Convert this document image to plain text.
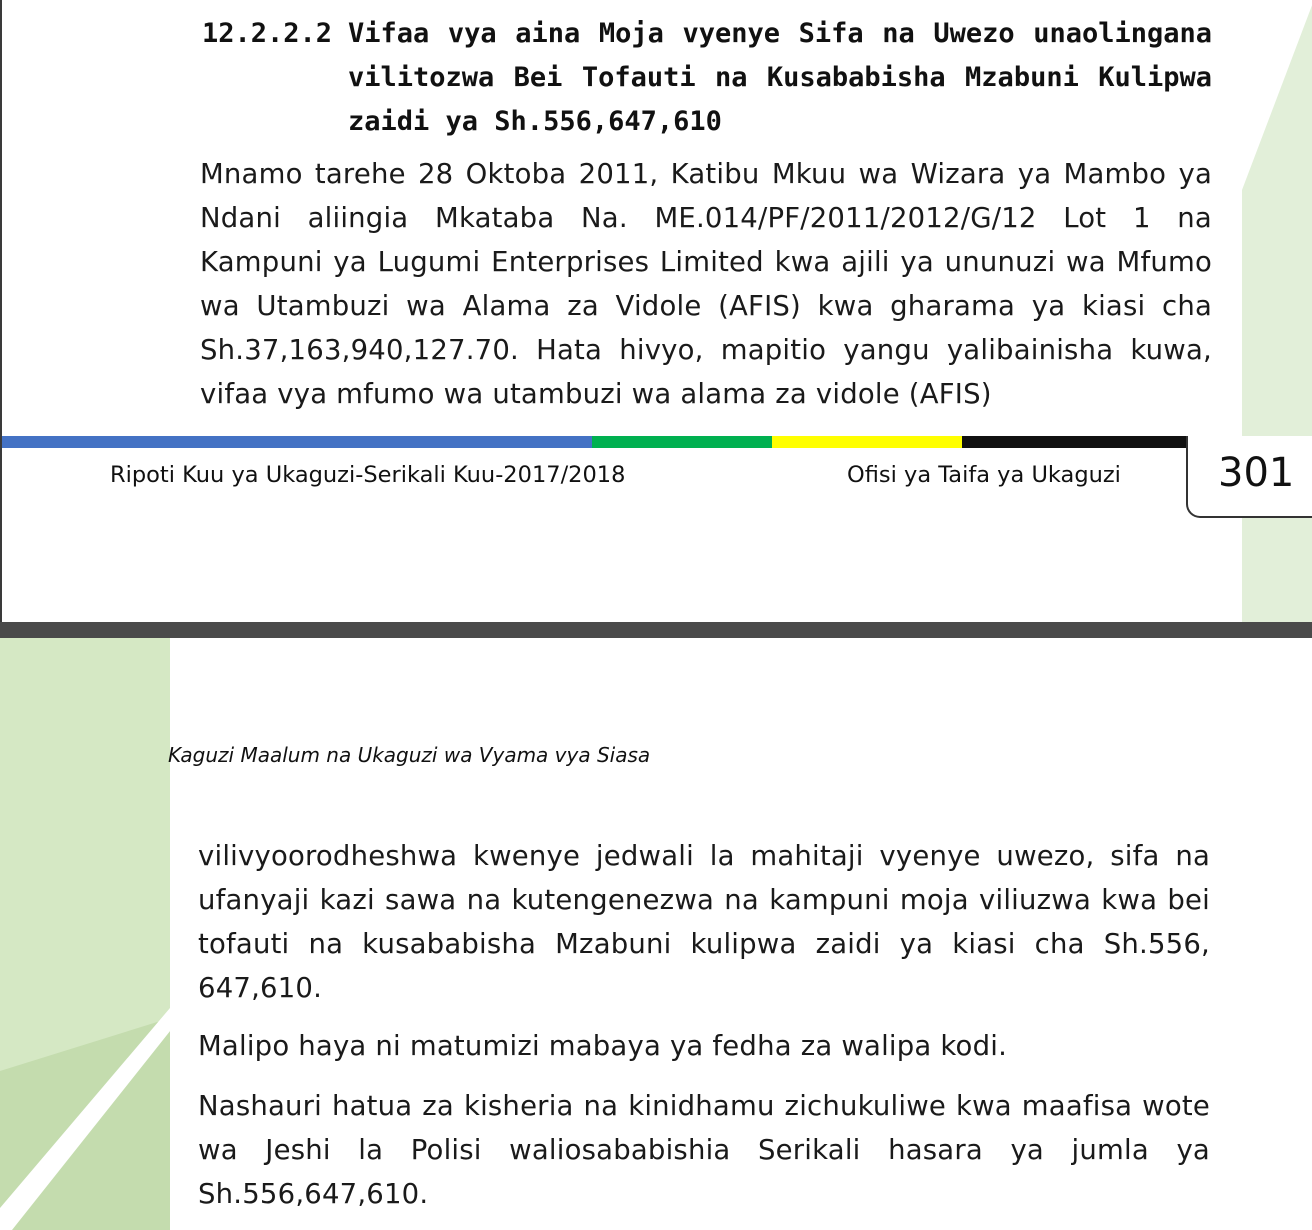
12.2.2.2 Vifaa vya aina Moja vyenye Sifa na Uwezo unaolingana vilitozwa Bei Tofauti na Kusababisha Mzabuni Kulipwa zaidi ya Sh.556,647,610
Mnamo tarehe 28 Oktoba 2011, Katibu Mkuu wa Wizara ya Mambo ya Ndani aliingia Mkataba Na. ME.014/PF/2011/2012/G/12 Lot 1 na Kampuni ya Lugumi Enterprises Limited kwa ajili ya ununuzi wa Mfumo wa Utambuzi wa Alama za Vidole (AFIS) kwa gharama ya kiasi cha Sh.37,163,940,127.70. Hata hivyo, mapitio yangu yalibainisha kuwa, vifaa vya mfumo wa utambuzi wa alama za vidole (AFIS)
Ripoti Kuu ya Ukaguzi-Serikali Kuu-2017/2018	Ofisi ya Taifa ya Ukaguzi 301
Kaguzi Maalum na Ukaguzi wa Vyama vya Siasa
vilivyoorodheshwa kwenye jedwali la mahitaji vyenye uwezo, sifa na ufanyaji kazi sawa na kutengenezwa na kampuni moja viliuzwa kwa bei tofauti na kusababisha Mzabuni kulipwa zaidi ya kiasi cha Sh.556, 647,610.
Malipo haya ni matumizi mabaya ya fedha za walipa kodi.
Nashauri hatua za kisheria na kinidhamu zichukuliwe kwa maafisa wote wa Jeshi la Polisi waliosababishia Serikali hasara ya jumla ya Sh.556,647,610.
